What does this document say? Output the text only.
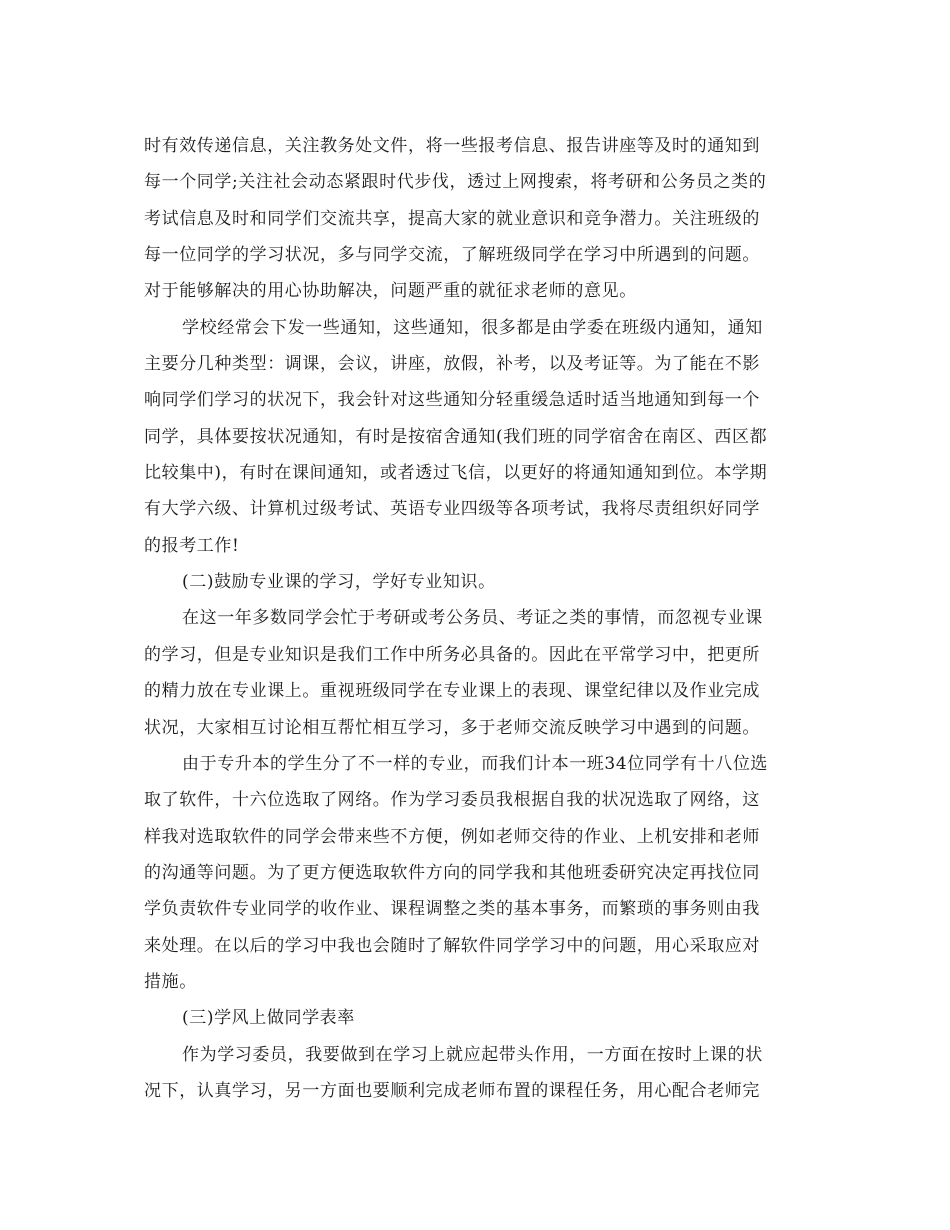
时有效传递信息，关注教务处文件，将一些报考信息、报告讲座等及时的通知到
每一个同学;关注社会动态紧跟时代步伐，透过上网搜索，将考研和公务员之类的
考试信息及时和同学们交流共享，提高大家的就业意识和竞争潜力。关注班级的
每一位同学的学习状况，多与同学交流，了解班级同学在学习中所遇到的问题。
对于能够解决的用心协助解决，问题严重的就征求老师的意见。
学校经常会下发一些通知，这些通知，很多都是由学委在班级内通知，通知
主要分几种类型：调课，会议，讲座，放假，补考，以及考证等。为了能在不影
响同学们学习的状况下，我会针对这些通知分轻重缓急适时适当地通知到每一个
同学，具体要按状况通知，有时是按宿舍通知(我们班的同学宿舍在南区、西区都
比较集中)，有时在课间通知，或者透过飞信，以更好的将通知通知到位。本学期
有大学六级、计算机过级考试、英语专业四级等各项考试，我将尽责组织好同学
的报考工作!
(二)鼓励专业课的学习，学好专业知识。
在这一年多数同学会忙于考研或考公务员、考证之类的事情，而忽视专业课
的学习，但是专业知识是我们工作中所务必具备的。因此在平常学习中，把更所
的精力放在专业课上。重视班级同学在专业课上的表现、课堂纪律以及作业完成
状况，大家相互讨论相互帮忙相互学习，多于老师交流反映学习中遇到的问题。
由于专升本的学生分了不一样的专业，而我们计本一班34位同学有十八位选
取了软件，十六位选取了网络。作为学习委员我根据自我的状况选取了网络，这
样我对选取软件的同学会带来些不方便，例如老师交待的作业、上机安排和老师
的沟通等问题。为了更方便选取软件方向的同学我和其他班委研究决定再找位同
学负责软件专业同学的收作业、课程调整之类的基本事务，而繁琐的事务则由我
来处理。在以后的学习中我也会随时了解软件同学学习中的问题，用心采取应对
措施。
(三)学风上做同学表率
作为学习委员，我要做到在学习上就应起带头作用，一方面在按时上课的状
况下，认真学习，另一方面也要顺利完成老师布置的课程任务，用心配合老师完
